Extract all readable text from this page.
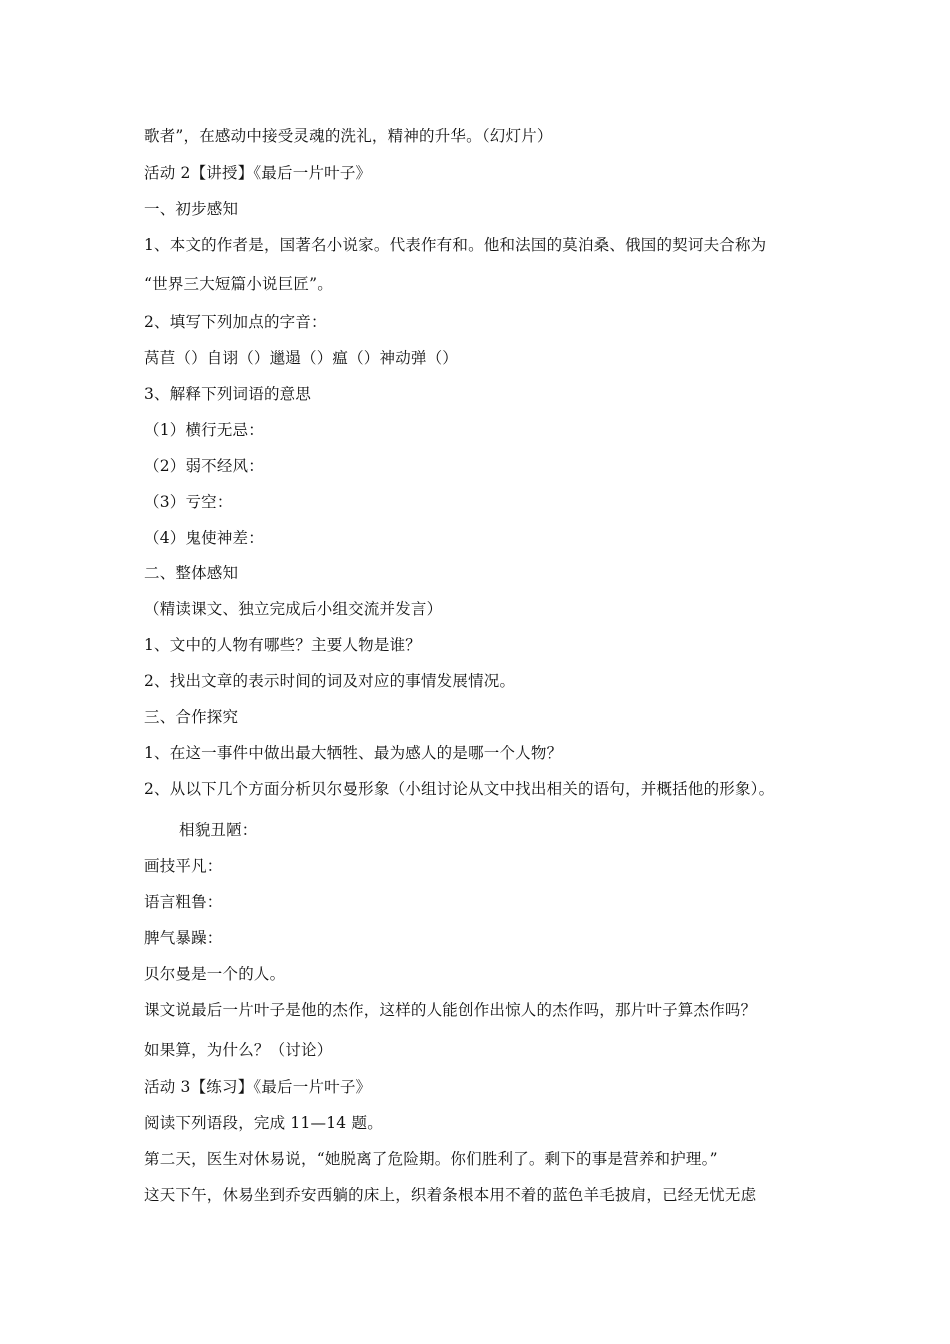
歌者”，在感动中接受灵魂的洗礼，精神的升华。（幻灯片）
活动 2【讲授】《最后一片叶子》
一、初步感知
1、本文的作者是，国著名小说家。代表作有和。他和法国的莫泊桑、俄国的契诃夫合称为
“世界三大短篇小说巨匠”。
2、填写下列加点的字音：
莴苣（）自诩（）邋遢（）瘟（）神动弹（）
3、解释下列词语的意思
（1）横行无忌：
（2）弱不经风：
（3）亏空：
（4）鬼使神差：
二、整体感知
（精读课文、独立完成后小组交流并发言）
1、文中的人物有哪些？主要人物是谁？
2、找出文章的表示时间的词及对应的事情发展情况。
三、合作探究
1、在这一事件中做出最大牺牲、最为感人的是哪一个人物？
2、从以下几个方面分析贝尔曼形象（小组讨论从文中找出相关的语句，并概括他的形象）。
相貌丑陋：
画技平凡：
语言粗鲁：
脾气暴躁：
贝尔曼是一个的人。
课文说最后一片叶子是他的杰作，这样的人能创作出惊人的杰作吗，那片叶子算杰作吗？
如果算，为什么？（讨论）
活动 3【练习】《最后一片叶子》
阅读下列语段，完成 11—14 题。
第二天，医生对休易说，“她脱离了危险期。你们胜利了。剩下的事是营养和护理。”
这天下午，休易坐到乔安西躺的床上，织着条根本用不着的蓝色羊毛披肩，已经无忧无虑
